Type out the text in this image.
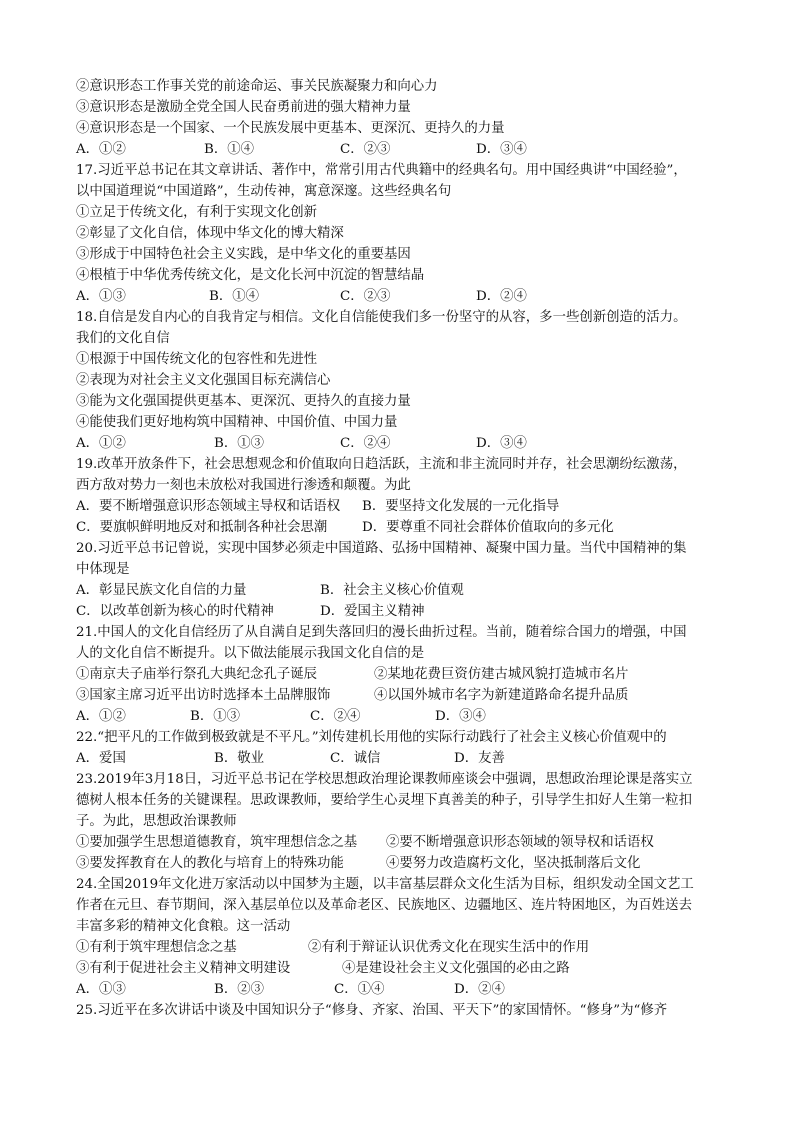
②意识形态工作事关党的前途命运、事关民族凝聚力和向心力
③意识形态是激励全党全国人民奋勇前进的强大精神力量
④意识形态是一个国家、一个民族发展中更基本、更深沉、更持久的力量
A．①②	B．①④	C．②③	D．③④
17.习近平总书记在其文章讲话、著作中，常常引用古代典籍中的经典名句。用中国经典讲“中国经验”，
以中国道理说“中国道路”，生动传神，寓意深邃。这些经典名句
①立足于传统文化，有利于实现文化创新
②彰显了文化自信，体现中华文化的博大精深
③形成于中国特色社会主义实践，是中华文化的重要基因
④根植于中华优秀传统文化，是文化长河中沉淀的智慧结晶
A．①③	B．①④	C．②③	D．②④
18.自信是发自内心的自我肯定与相信。文化自信能使我们多一份坚守的从容，多一些创新创造的活力。
我们的文化自信
①根源于中国传统文化的包容性和先进性
②表现为对社会主义文化强国目标充满信心
③能为文化强国提供更基本、更深沉、更持久的直接力量
④能使我们更好地构筑中国精神、中国价值、中国力量
A．①②	B．①③	C．②④	D．③④
19.改革开放条件下，社会思想观念和价值取向日趋活跃，主流和非主流同时并存，社会思潮纷纭激荡，
西方敌对势力一刻也未放松对我国进行渗透和颠覆。为此
A．要不断增强意识形态领域主导权和话语权 B．要坚持文化发展的一元化指导
C．要旗帜鲜明地反对和抵制各种社会思潮	D．要尊重不同社会群体价值取向的多元化
20.习近平总书记曾说，实现中国梦必须走中国道路、弘扬中国精神、凝聚中国力量。当代中国精神的集
中体现是
A．彰显民族文化自信的力量	B．社会主义核心价值观
C．以改革创新为核心的时代精神	D．爱国主义精神
21.中国人的文化自信经历了从自满自足到失落回归的漫长曲折过程。当前，随着综合国力的增强，中国
人的文化自信不断提升。以下做法能展示我国文化自信的是
①南京夫子庙举行祭孔大典纪念孔子诞辰	②某地花费巨资仿建古城风貌打造城市名片
③国家主席习近平出访时选择本土品牌服饰	④以国外城市名字为新建道路命名提升品质
A．①②	B．①③	C．②④	D．③④
22.“把平凡的工作做到极致就是不平凡。”刘传建机长用他的实际行动践行了社会主义核心价值观中的
A．爱国	B．敬业	C．诚信	D．友善
23.2019年3月18日，习近平总书记在学校思想政治理论课教师座谈会中强调，思想政治理论课是落实立
德树人根本任务的关键课程。思政课教师，要给学生心灵埋下真善美的种子，引导学生扣好人生第一粒扣
子。为此，思想政治课教师
①要加强学生思想道德教育，筑牢理想信念之基 ②要不断增强意识形态领域的领导权和话语权
③要发挥教育在人的教化与培育上的特殊功能	④要努力改造腐朽文化，坚决抵制落后文化
24.全国2019年文化进万家活动以中国梦为主题，以丰富基层群众文化生活为目标，组织发动全国文艺工
作者在元旦、春节期间，深入基层单位以及革命老区、民族地区、边疆地区、连片特困地区，为百姓送去
丰富多彩的精神文化食粮。这一活动
①有利于筑牢理想信念之基	②有利于辩证认识优秀文化在现实生活中的作用
③有利于促进社会主义精神文明建设	④是建设社会主义文化强国的必由之路
A．①③	B．②③	C．①④	D．②④
25.习近平在多次讲话中谈及中国知识分子“修身、齐家、治国、平天下”的家国情怀。“修身”为“修齐
